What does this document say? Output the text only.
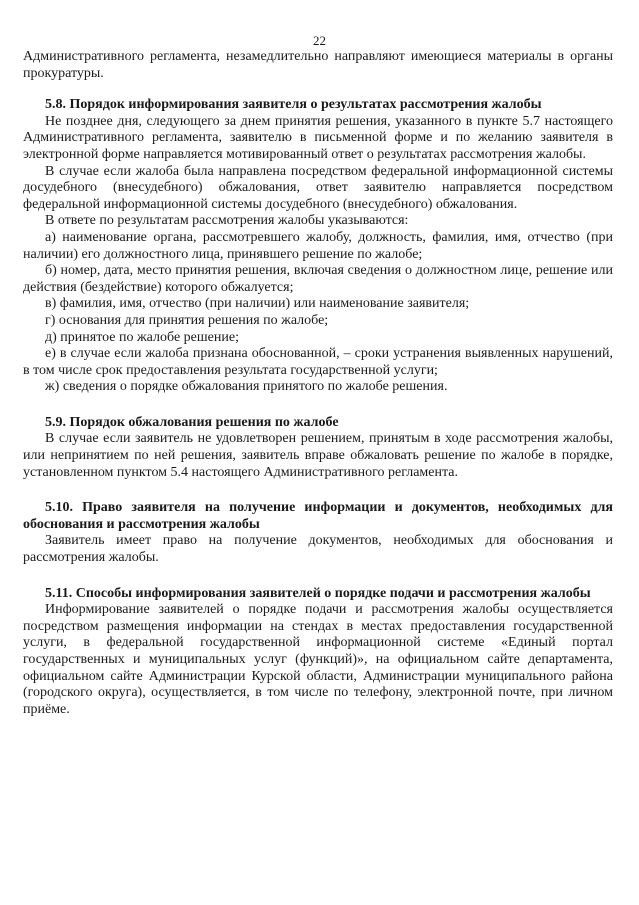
22

Административного регламента, незамедлительно направляют имеющиеся материалы в органы прокуратуры.

5.8. Порядок информирования заявителя о результатах рассмотрения жалобы

Не позднее дня, следующего за днем принятия решения, указанного в пункте 5.7 настоящего Административного регламента, заявителю в письменной форме и по желанию заявителя в электронной форме направляется мотивированный ответ о результатах рассмотрения жалобы.

В случае если жалоба была направлена посредством федеральной информационной системы досудебного (внесудебного) обжалования, ответ заявителю направляется посредством федеральной информационной системы досудебного (внесудебного) обжалования.

В ответе по результатам рассмотрения жалобы указываются:

а) наименование органа, рассмотревшего жалобу, должность, фамилия, имя, отчество (при наличии) его должностного лица, принявшего решение по жалобе;

б) номер, дата, место принятия решения, включая сведения о должностном лице, решение или действия (бездействие) которого обжалуется;

в) фамилия, имя, отчество (при наличии) или наименование заявителя;

г) основания для принятия решения по жалобе;

д) принятое по жалобе решение;

е) в случае если жалоба признана обоснованной, – сроки устранения выявленных нарушений, в том числе срок предоставления результата государственной услуги;

ж) сведения о порядке обжалования принятого по жалобе решения.

5.9. Порядок обжалования решения по жалобе

В случае если заявитель не удовлетворен решением, принятым в ходе рассмотрения жалобы, или непринятием по ней решения, заявитель вправе обжаловать решение по жалобе в порядке, установленном пунктом 5.4 настоящего Административного регламента.

5.10. Право заявителя на получение информации и документов, необходимых для обоснования и рассмотрения жалобы

Заявитель имеет право на получение документов, необходимых для обоснования и рассмотрения жалобы.

5.11. Способы информирования заявителей о порядке подачи и рассмотрения жалобы

Информирование заявителей о порядке подачи и рассмотрения жалобы осуществляется посредством размещения информации на стендах в местах предоставления государственной услуги, в федеральной государственной информационной системе «Единый портал государственных и муниципальных услуг (функций)», на официальном сайте департамента, официальном сайте Администрации Курской области, Администрации муниципального района (городского округа), осуществляется, в том числе по телефону, электронной почте, при личном приёме.
